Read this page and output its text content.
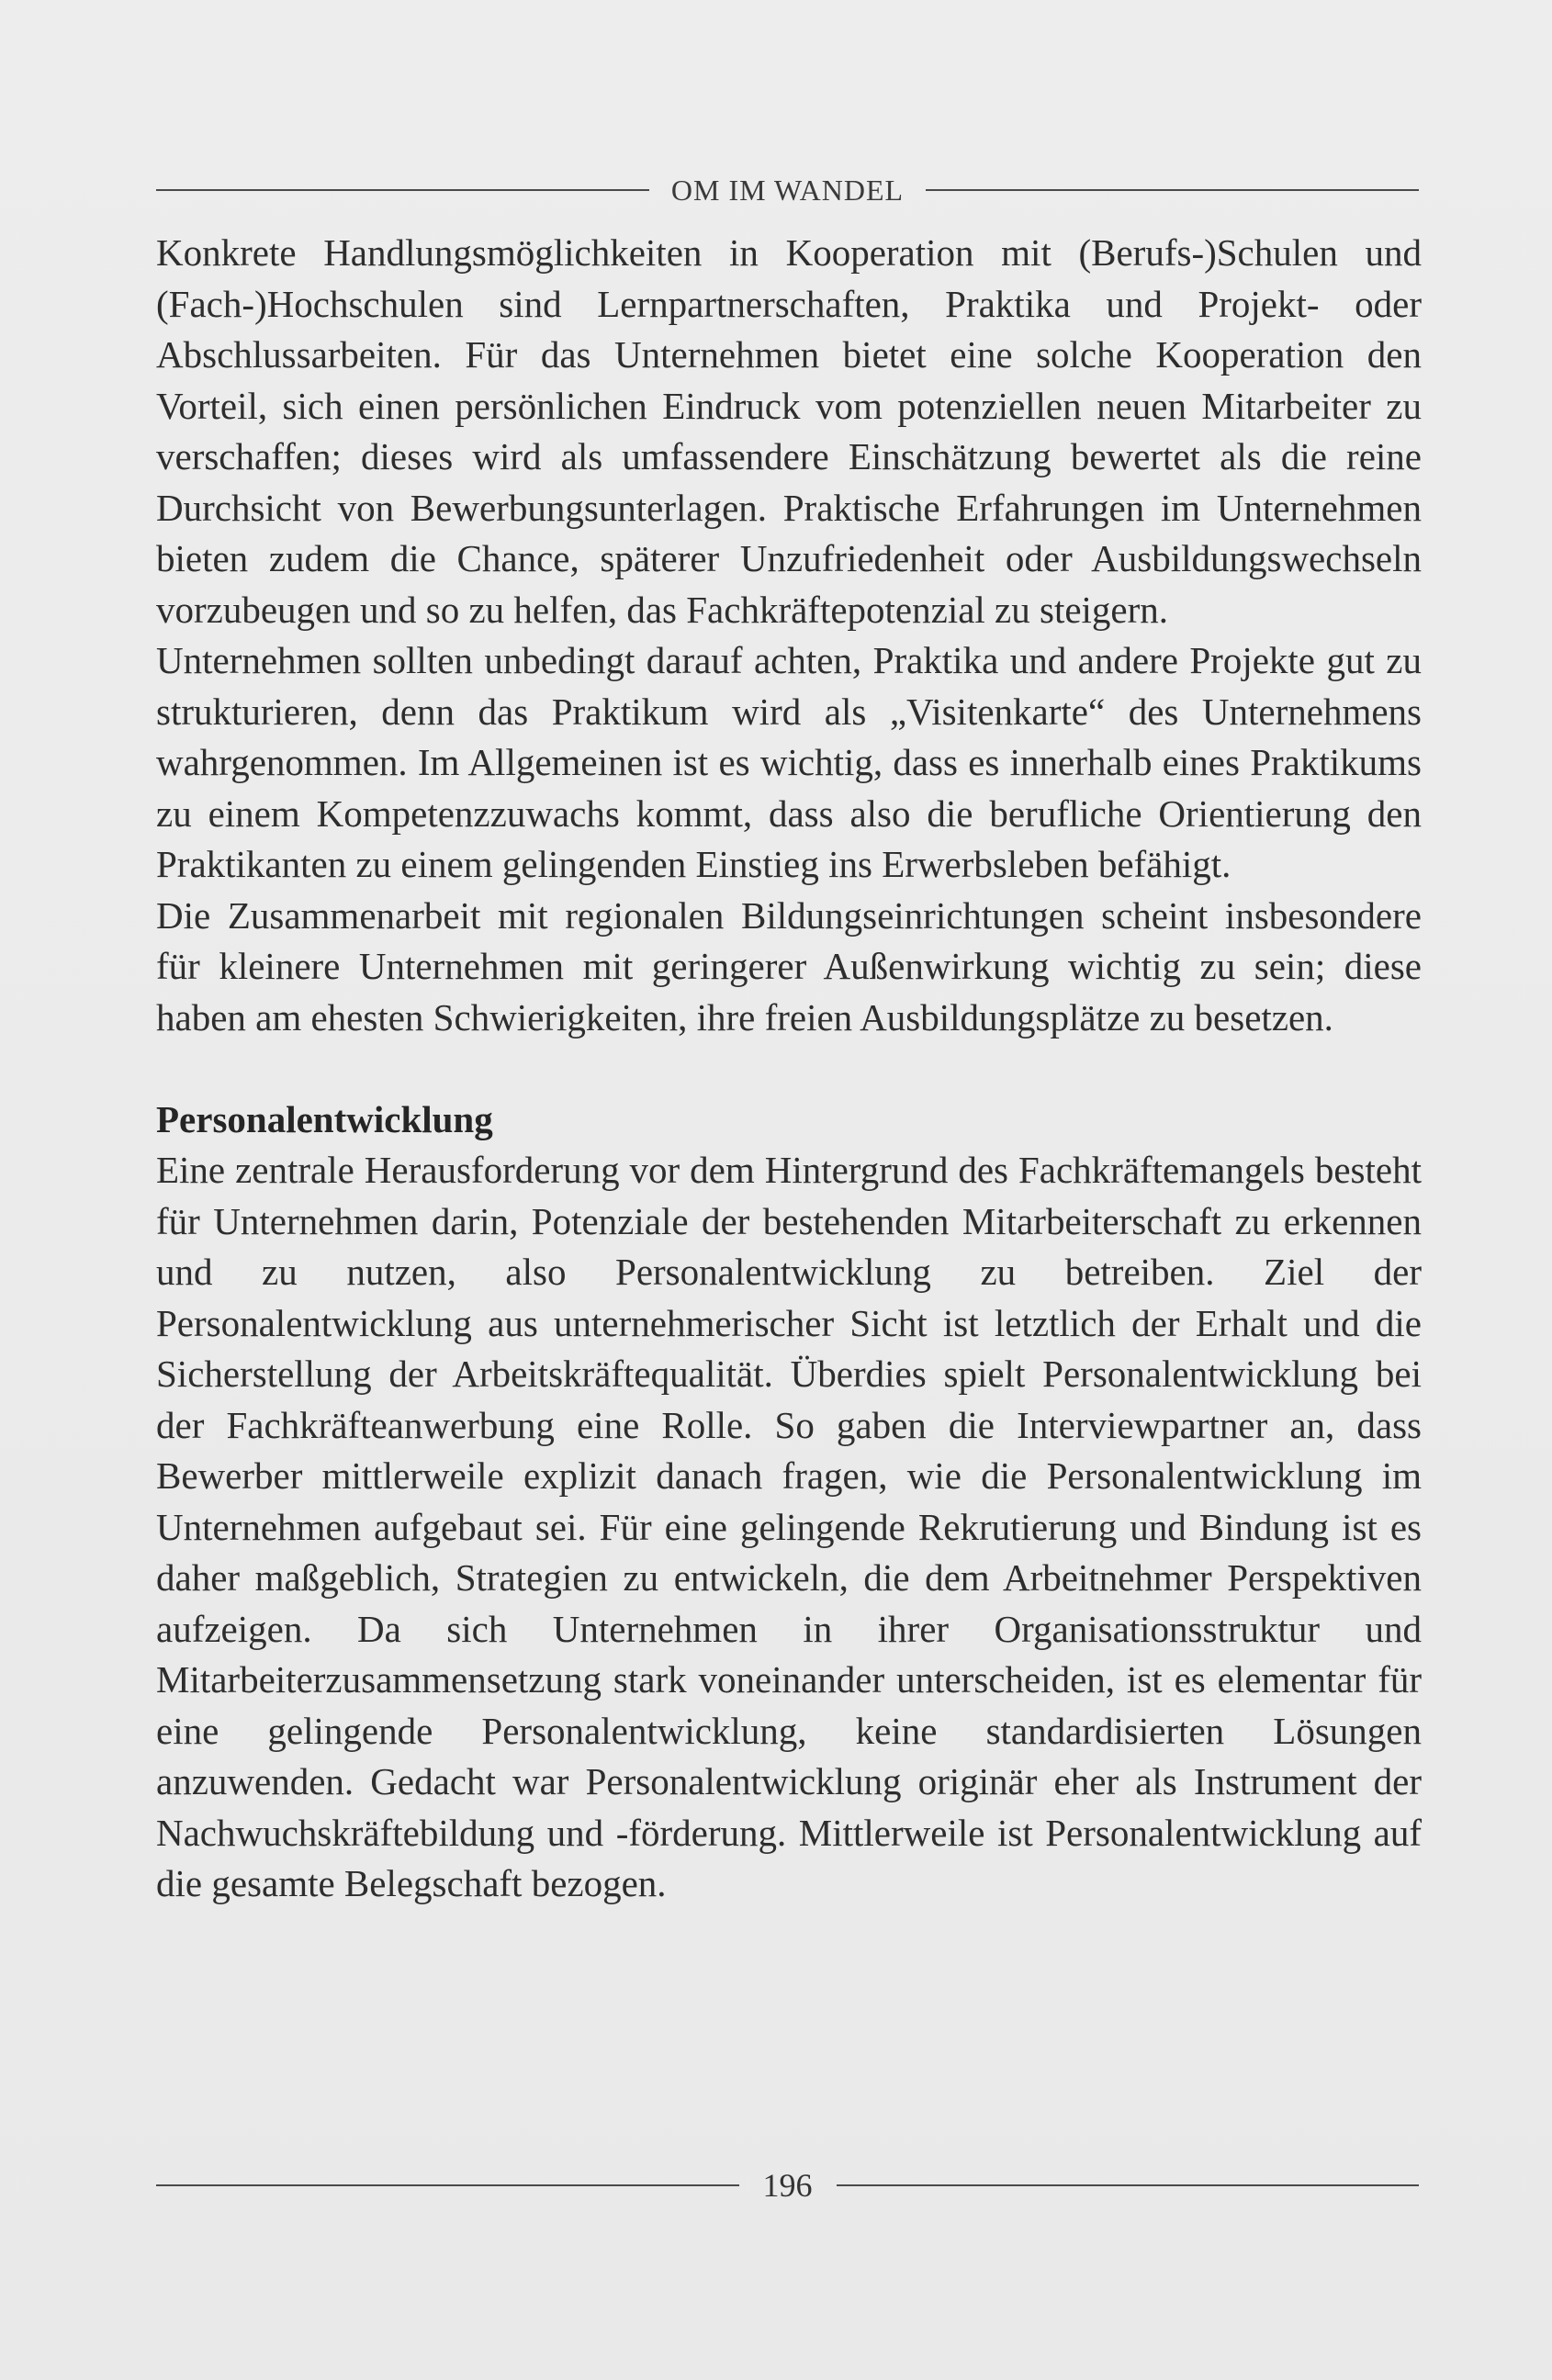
OM IM WANDEL

Konkrete Handlungsmöglichkeiten in Kooperation mit (Berufs-)Schulen und (Fach-)Hochschulen sind Lernpartnerschaften, Praktika und Projekt- oder Abschlussarbeiten. Für das Unternehmen bietet eine solche Kooperation den Vorteil, sich einen persönlichen Eindruck vom potenziellen neuen Mitarbeiter zu verschaffen; dieses wird als umfassendere Einschätzung bewertet als die reine Durchsicht von Bewerbungsunterlagen. Praktische Erfahrungen im Unternehmen bieten zudem die Chance, späterer Unzufriedenheit oder Ausbildungswechseln vorzubeugen und so zu helfen, das Fachkräftepotenzial zu steigern.

Unternehmen sollten unbedingt darauf achten, Praktika und andere Projekte gut zu strukturieren, denn das Praktikum wird als „Visitenkarte“ des Unternehmens wahrgenommen. Im Allgemeinen ist es wichtig, dass es innerhalb eines Praktikums zu einem Kompetenzzuwachs kommt, dass also die berufliche Orientierung den Praktikanten zu einem gelingenden Einstieg ins Erwerbsleben befähigt.

Die Zusammenarbeit mit regionalen Bildungseinrichtungen scheint insbesondere für kleinere Unternehmen mit geringerer Außenwirkung wichtig zu sein; diese haben am ehesten Schwierigkeiten, ihre freien Ausbildungsplätze zu besetzen.

Personalentwicklung

Eine zentrale Herausforderung vor dem Hintergrund des Fachkräftemangels besteht für Unternehmen darin, Potenziale der bestehenden Mitarbeiterschaft zu erkennen und zu nutzen, also Personalentwicklung zu betreiben. Ziel der Personalentwicklung aus unternehmerischer Sicht ist letztlich der Erhalt und die Sicherstellung der Arbeitskräftequalität. Überdies spielt Personalentwicklung bei der Fachkräfteanwerbung eine Rolle. So gaben die Interviewpartner an, dass Bewerber mittlerweile explizit danach fragen, wie die Personalentwicklung im Unternehmen aufgebaut sei. Für eine gelingende Rekrutierung und Bindung ist es daher maßgeblich, Strategien zu entwickeln, die dem Arbeitnehmer Perspektiven aufzeigen. Da sich Unternehmen in ihrer Organisationsstruktur und Mitarbeiterzusammensetzung stark voneinander unterscheiden, ist es elementar für eine gelingende Personalentwicklung, keine standardisierten Lösungen anzuwenden. Gedacht war Personalentwicklung originär eher als Instrument der Nachwuchskräftebildung und -förderung. Mittlerweile ist Personalentwicklung auf die gesamte Belegschaft bezogen.

196
